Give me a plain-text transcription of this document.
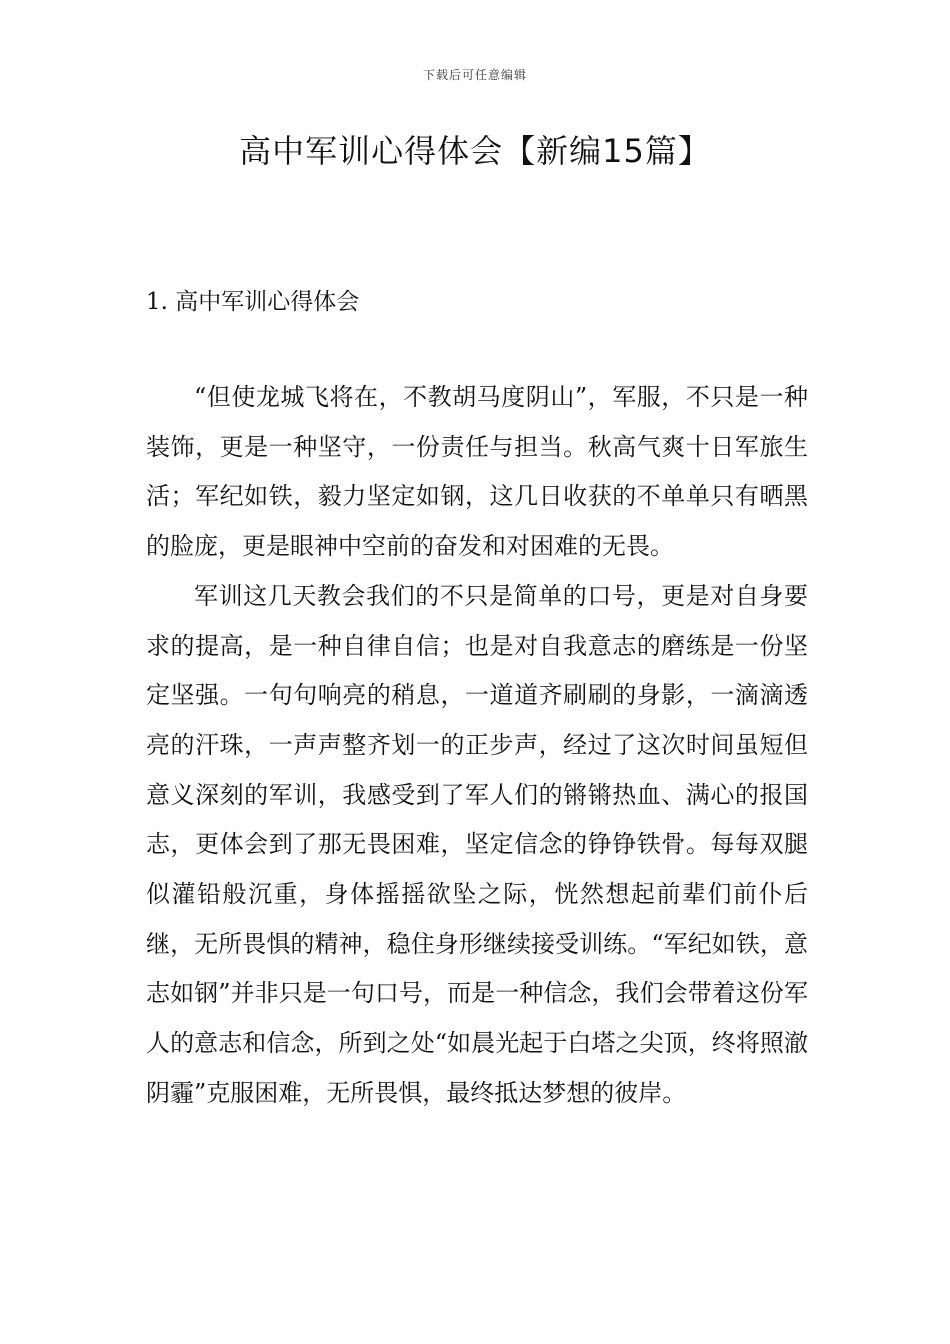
下载后可任意编辑
高中军训心得体会【新编15篇】
1. 高中军训心得体会

“但使龙城飞将在，不教胡马度阴山”，军服，不只是一种装饰，更是一种坚守，一份责任与担当。秋高气爽十日军旅生活；军纪如铁，毅力坚定如钢，这几日收获的不单单只有晒黑的脸庞，更是眼神中空前的奋发和对困难的无畏。

军训这几天教会我们的不只是简单的口号，更是对自身要求的提高，是一种自律自信；也是对自我意志的磨练是一份坚定坚强。一句句响亮的稍息，一道道齐刷刷的身影，一滴滴透亮的汗珠，一声声整齐划一的正步声，经过了这次时间虽短但意义深刻的军训，我感受到了军人们的锵锵热血、满心的报国志，更体会到了那无畏困难，坚定信念的铮铮铁骨。每每双腿似灌铅般沉重，身体摇摇欲坠之际，恍然想起前辈们前仆后继，无所畏惧的精神，稳住身形继续接受训练。“军纪如铁，意志如钢”并非只是一句口号，而是一种信念，我们会带着这份军人的意志和信念，所到之处“如晨光起于白塔之尖顶，终将照澈阴霾”克服困难，无所畏惧，最终抵达梦想的彼岸。
